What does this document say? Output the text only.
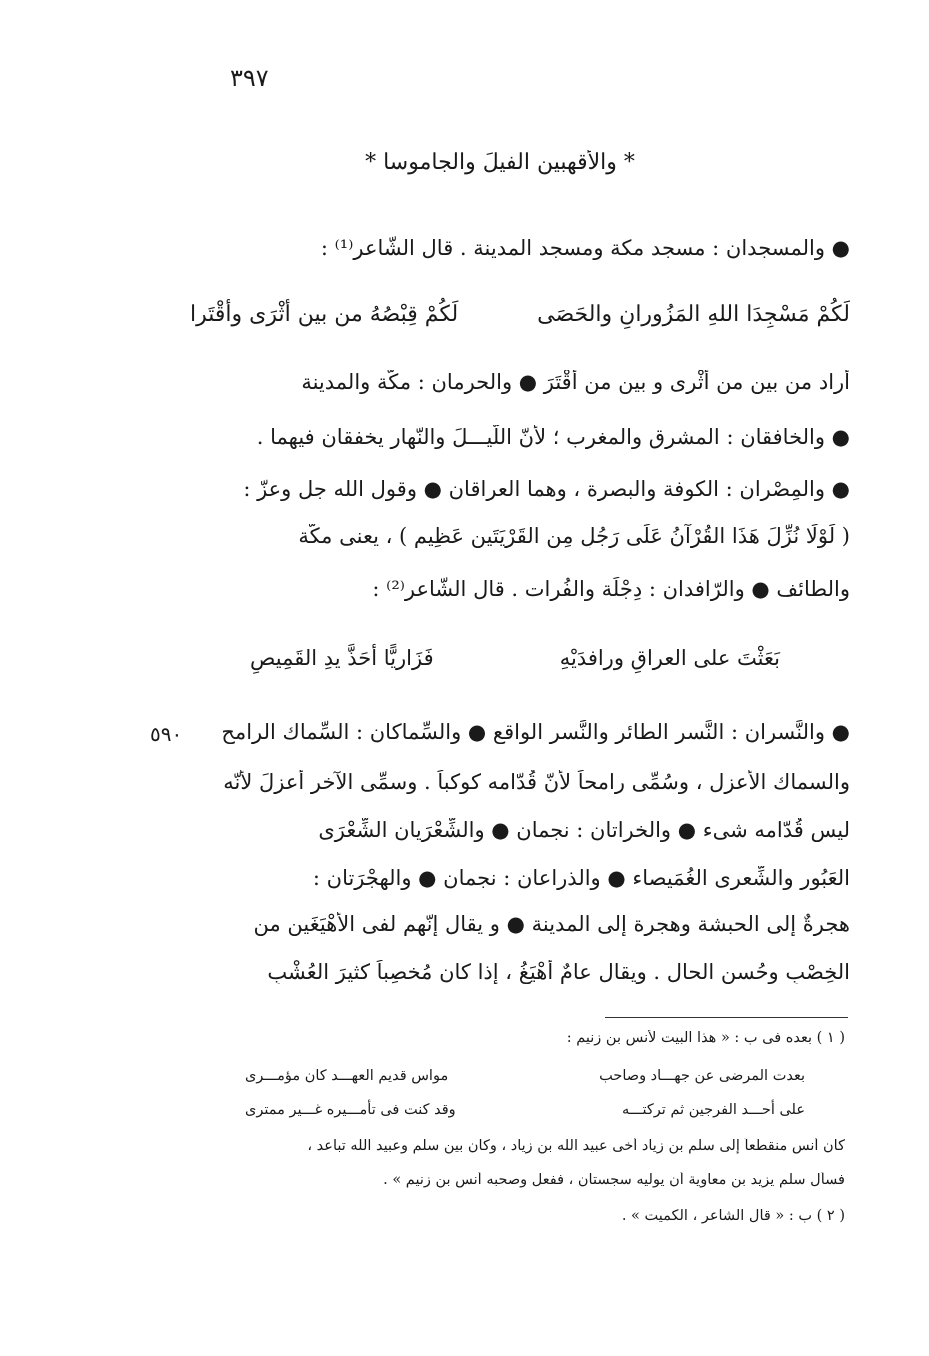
٣٩٧
* والأقهبين الفيلَ والجاموسا *
● والمسجدان : مسجد مكة ومسجد المدينة . قال الشّاعر⁽¹⁾ :
لَكُمْ مَسْجِدَا اللهِ المَزُورانِ والحَصَى
لَكُمْ قِبْصُهُ من بين أثْرَى وأقْتَرا
أراد من بين من أثْرى و بين من أقْتَرَ ● والحرمانِ : مكّة والمدينة
● والخافقان : المشرق والمغرب ؛ لأنّ اللّيـــلَ والنّهار يخفقان فيهما .
● والمِصْرانِ : الكوفة والبصرة ، وهما العراقان ● وقول الله جل وعزّ :
( لَوْلَا نُزِّلَ هَذَا القُرْآنُ عَلَى رَجُلٍ مِن القَرْيَتَين عَظِيمٍ ) ، يعنى مكّة
والطائف ● والرّافدانِ : دِجْلَة والفُرات . قال الشّاعر⁽²⁾ :
بَعَثْتَ على العراقِ ورافدَيْهِ
فَزَاريًّا أحَذَّ يدِ القَمِيصِ
٥٩٠	● والنَّسران : النَّسر الطائر والنَّسر الواقع ● والسِّماكان : السِّماك الرامح
والسماك الأعزل ، وسُمِّى رامحاً لأنّ قُدّامه كوكباً . وسمِّى الآخر أعزلَ لأنّه
ليس قُدّامه شىء ● والخراتان : نجمان ● والشِّعْرَيان الشِّعْرَى
العَبُور والشِّعرى الغُمَيصاء ● والذراعان : نجمان ● والهِجْرَتان :
هجرةٌ إلى الحبشة وهجرة إلى المدينة ● و يقال إنّهم لفى الأهْيَغَين من
الخِصْبِ وحُسن الحال . ويقال عامٌ أهْيَغُ ، إذا كان مُخصِباً كثيرَ العُشْبِ
( ١ ) بعده فى ب : « هذا البيت لأنس بن زنيم :
بعدت المرضى عن جهـــاد وصاحب
مواس قديم العهـــد كان مؤمـــرى
على أحـــد الفرجين ثم تركتـــه
وقد كنت فى تأمـــيره غـــير ممترى
كان أنس منقطعاً إلى سلم بن زياد أخى عبيد الله بن زياد ، وكان بين سلم وعبيد الله تباعد ،
فسأل سلم يزيد بن معاوية أن يوليه سجستان ، ففعل وصحبه أنس بن زنيم » .
( ٢ ) ب : « قال الشاعر ، الكميت » .
